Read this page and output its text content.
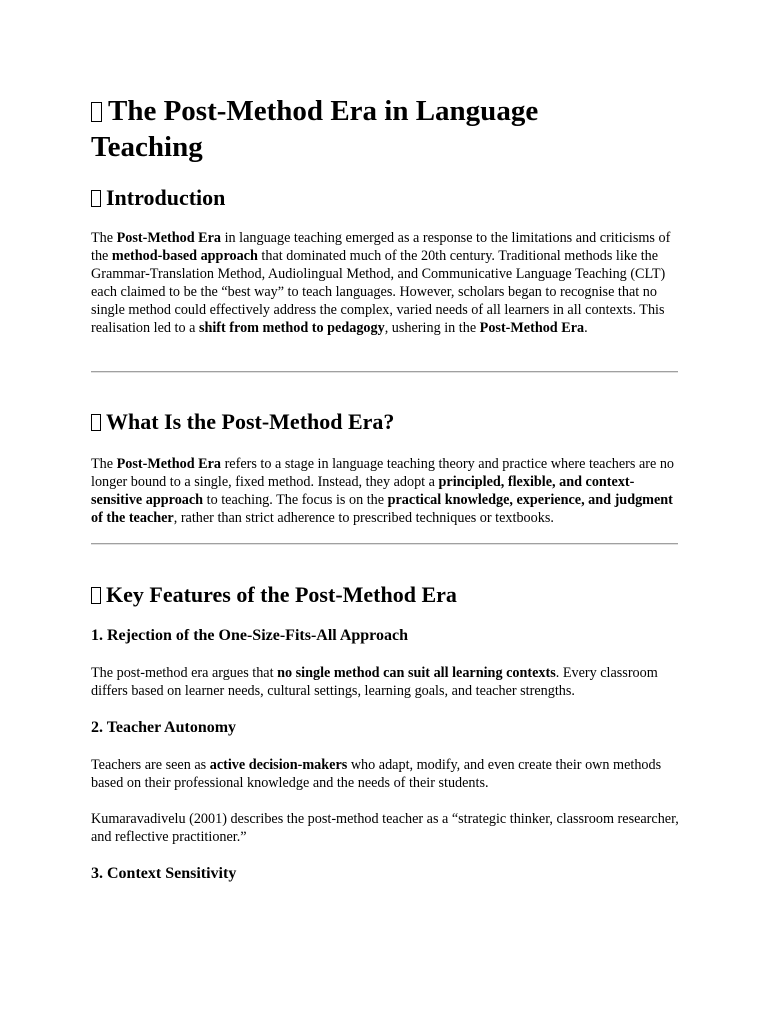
The Post-Method Era in Language Teaching
Introduction

The Post-Method Era in language teaching emerged as a response to the limitations and criticisms of the method-based approach that dominated much of the 20th century. Traditional methods like the Grammar-Translation Method, Audiolingual Method, and Communicative Language Teaching (CLT) each claimed to be the “best way” to teach languages. However, scholars began to recognise that no single method could effectively address the complex, varied needs of all learners in all contexts. This realisation led to a shift from method to pedagogy, ushering in the Post-Method Era.

What Is the Post-Method Era?

The Post-Method Era refers to a stage in language teaching theory and practice where teachers are no longer bound to a single, fixed method. Instead, they adopt a principled, flexible, and context-sensitive approach to teaching. The focus is on the practical knowledge, experience, and judgment of the teacher, rather than strict adherence to prescribed techniques or textbooks.

Key Features of the Post-Method Era
1. Rejection of the One-Size-Fits-All Approach

The post-method era argues that no single method can suit all learning contexts. Every classroom differs based on learner needs, cultural settings, learning goals, and teacher strengths.

2. Teacher Autonomy

Teachers are seen as active decision-makers who adapt, modify, and even create their own methods based on their professional knowledge and the needs of their students.

Kumaravadivelu (2001) describes the post-method teacher as a “strategic thinker, classroom researcher, and reflective practitioner.”

3. Context Sensitivity
